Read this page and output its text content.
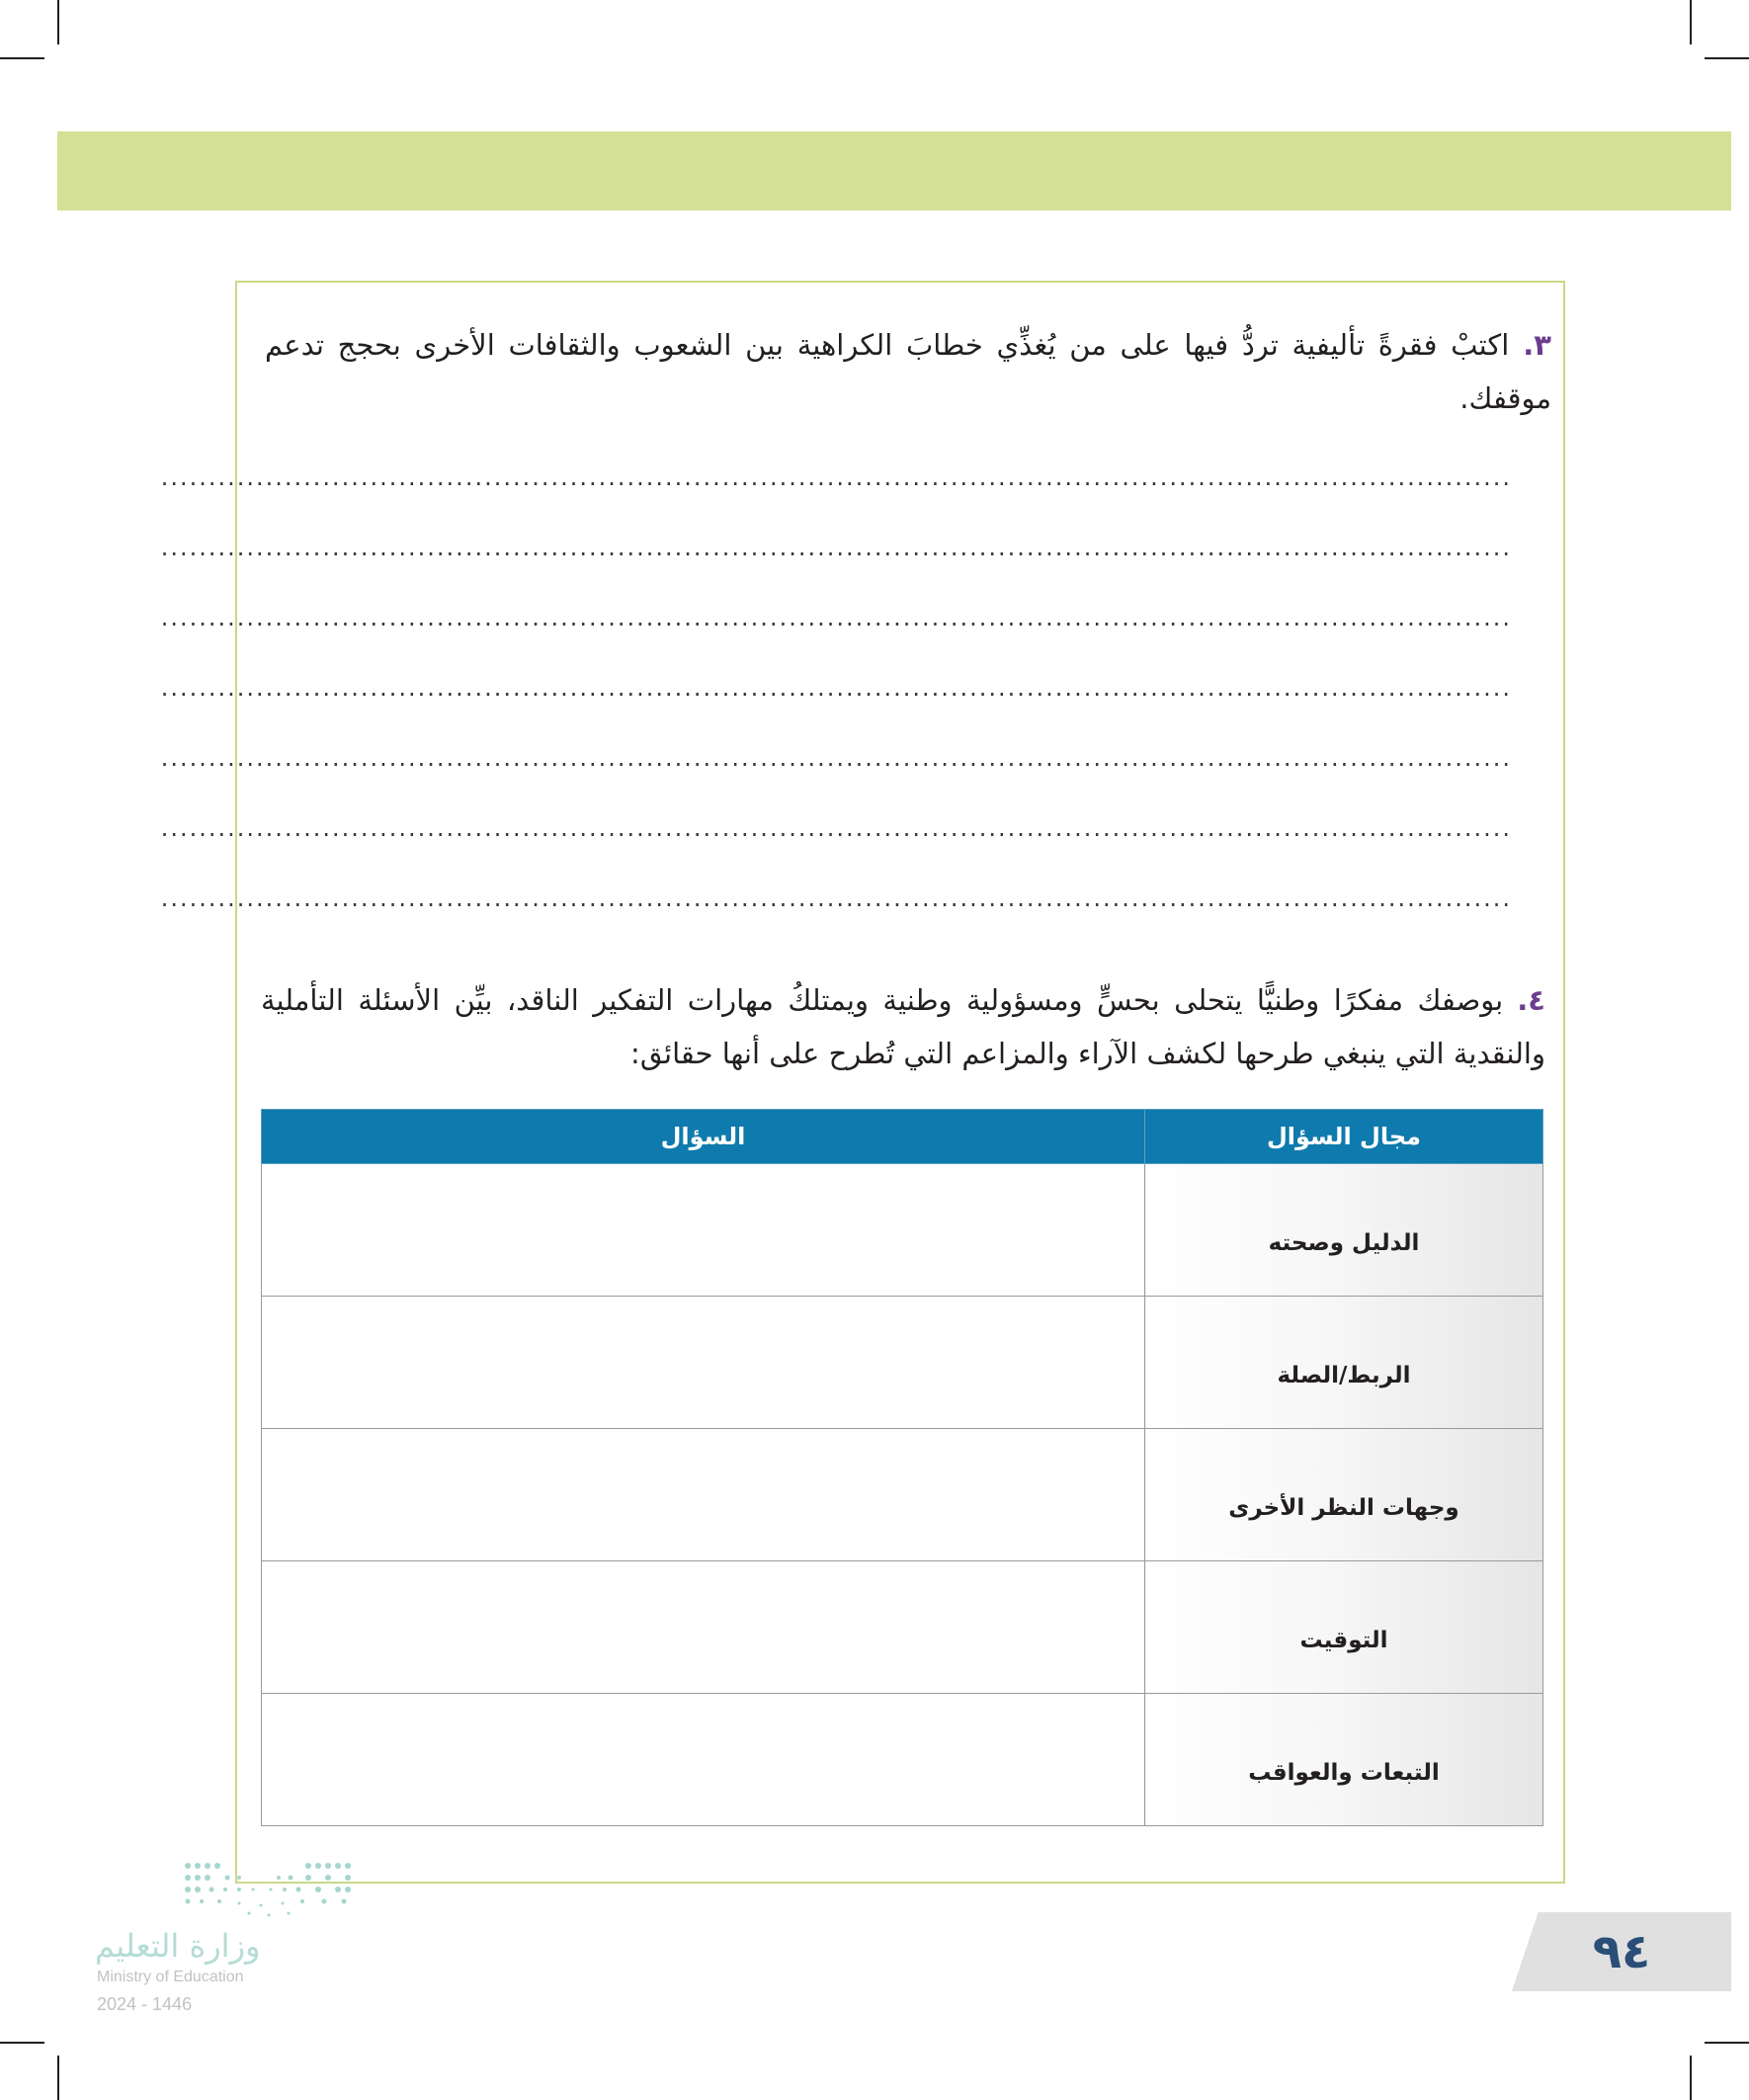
٣.اكتبْ فقرةً تأليفية تردُّ فيها على من يُغذِّي خطابَ الكراهية بين الشعوب والثقافات الأخرى بحجج تدعم موقفك.
..............................................................................................................................................
..............................................................................................................................................
..............................................................................................................................................
..............................................................................................................................................
..............................................................................................................................................
..............................................................................................................................................
..............................................................................................................................................
٤.بوصفك مفكرًا وطنيًّا يتحلى بحسٍّ ومسؤولية وطنية ويمتلكُ مهارات التفكير الناقد، بيِّن الأسئلة التأملية والنقدية التي ينبغي طرحها لكشف الآراء والمزاعم التي تُطرح على أنها حقائق:
مجال السؤال	السؤال
الدليل وصحته	
الربط/الصلة	
وجهات النظر الأخرى	
التوقيت	
التبعات والعواقب	
وزارة التعليم
Ministry of Education
2024 - 1446
٩٤
